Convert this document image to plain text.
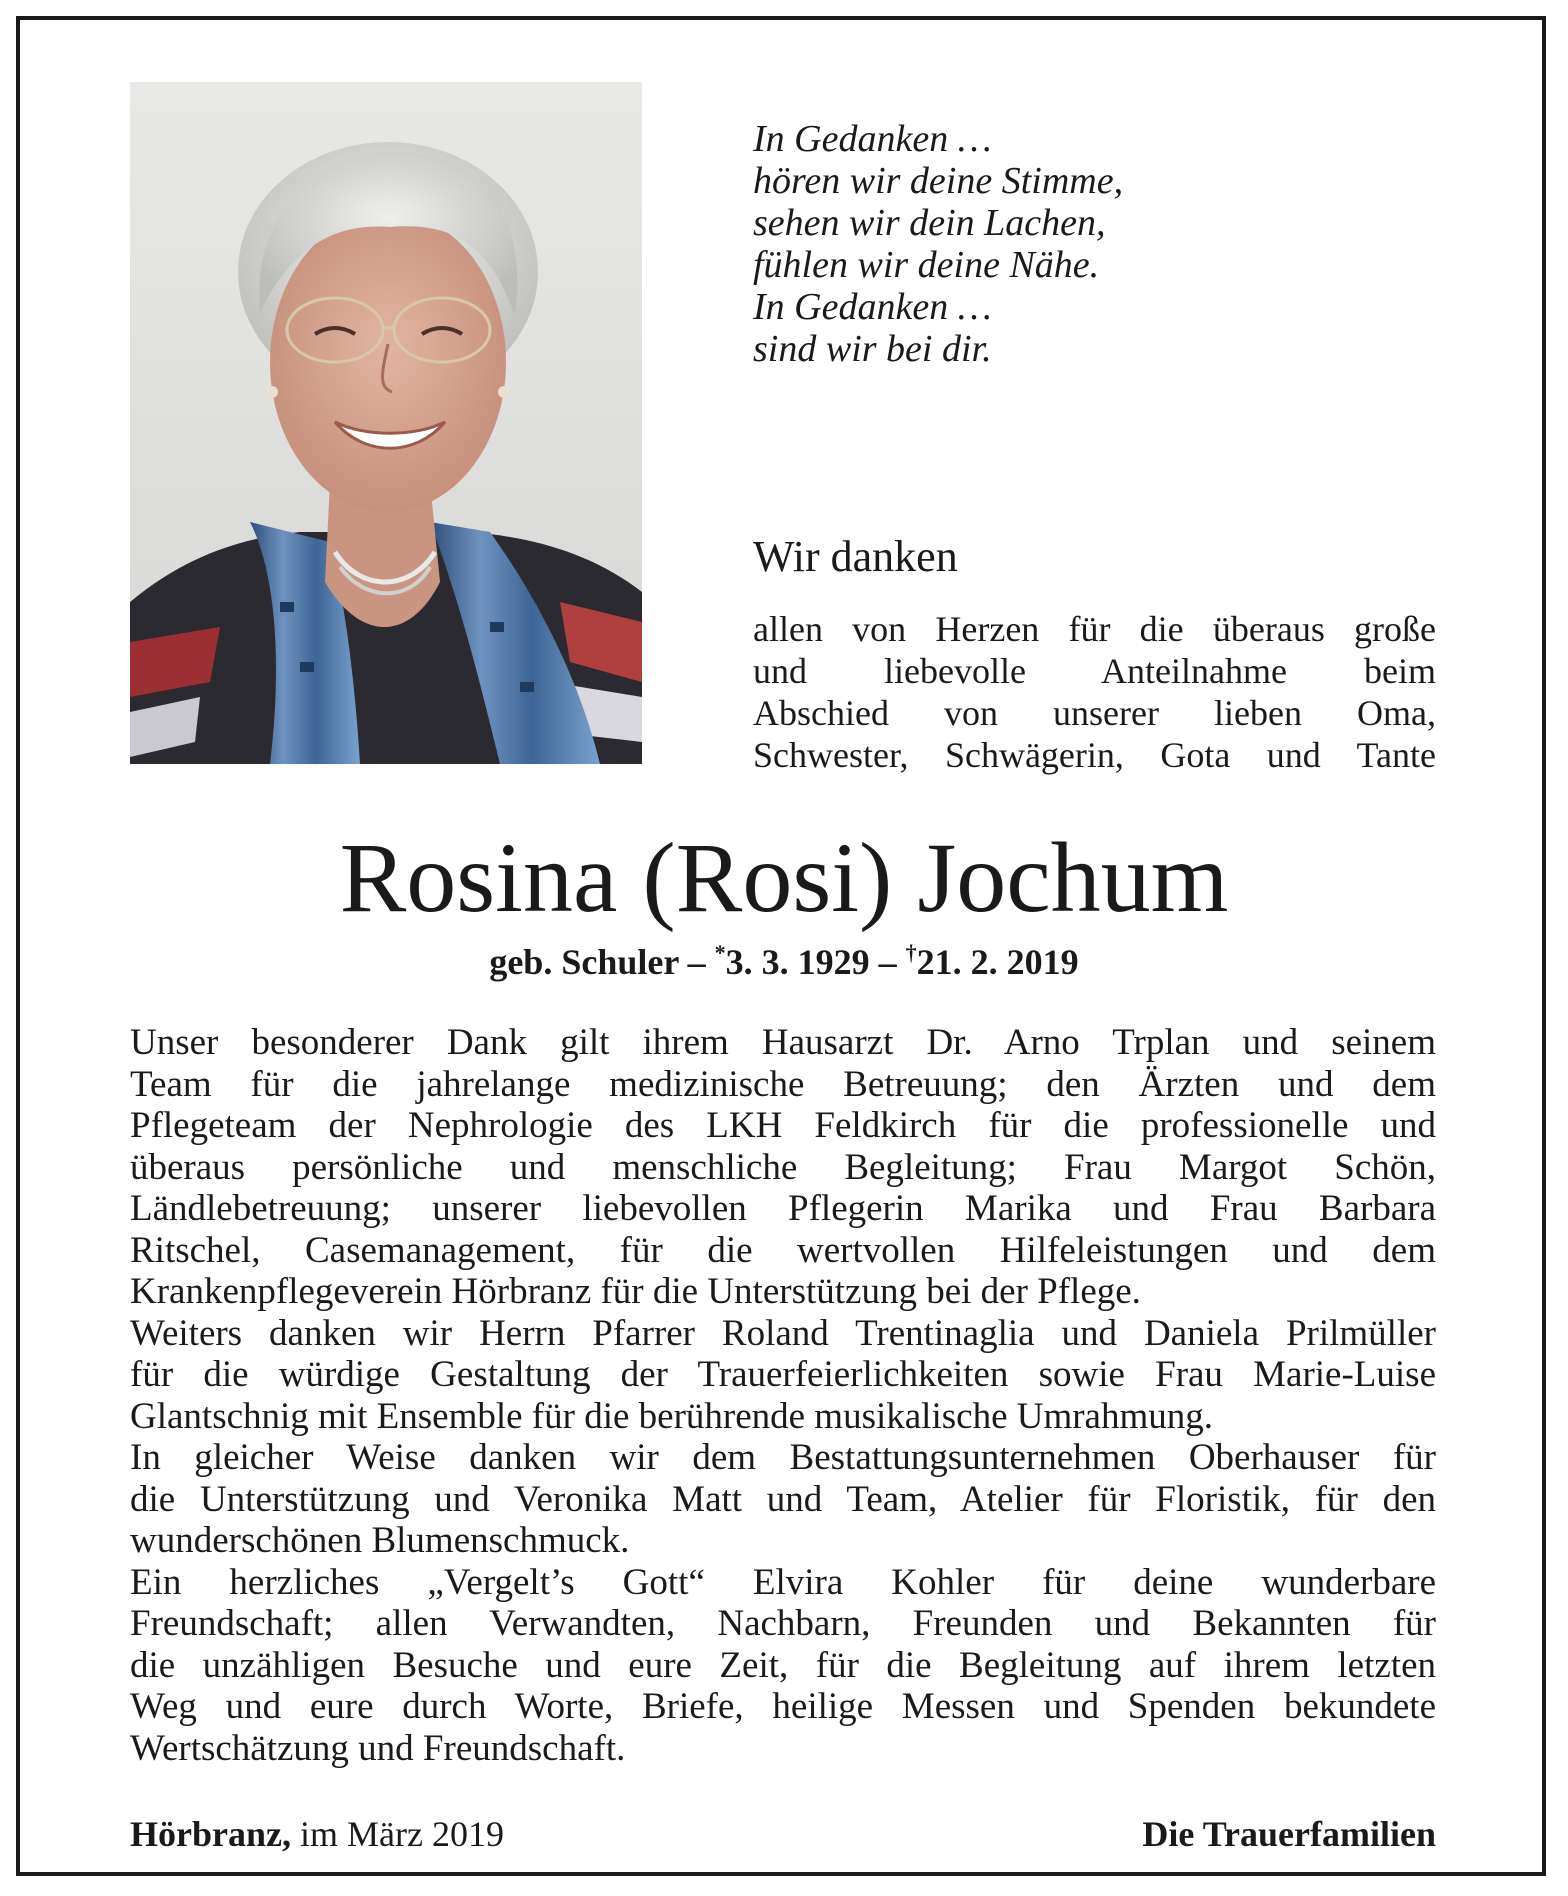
In Gedanken …
hören wir deine Stimme,
sehen wir dein Lachen,
fühlen wir deine Nähe.
In Gedanken …
sind wir bei dir.
Wir danken
allen von Herzen für die überaus große
und liebevolle Anteilnahme beim
Abschied von unserer lieben Oma,
Schwester, Schwägerin, Gota und Tante
Rosina (Rosi) Jochum
geb. Schuler – *3. 3. 1929 – †21. 2. 2019
Unser besonderer Dank gilt ihrem Hausarzt Dr. Arno Trplan und seinem
Team für die jahrelange medizinische Betreuung; den Ärzten und dem
Pflegeteam der Nephrologie des LKH Feldkirch für die professionelle und
überaus persönliche und menschliche Begleitung; Frau Margot Schön,
Ländlebetreuung; unserer liebevollen Pflegerin Marika und Frau Barbara
Ritschel, Casemanagement, für die wertvollen Hilfeleistungen und dem
Krankenpflegeverein Hörbranz für die Unterstützung bei der Pflege.
Weiters danken wir Herrn Pfarrer Roland Trentinaglia und Daniela Prilmüller
für die würdige Gestaltung der Trauerfeierlichkeiten sowie Frau Marie-Luise
Glantschnig mit Ensemble für die berührende musikalische Umrahmung.
In gleicher Weise danken wir dem Bestattungsunternehmen Oberhauser für
die Unterstützung und Veronika Matt und Team, Atelier für Floristik, für den
wunderschönen Blumenschmuck.
Ein herzliches „Vergelt’s Gott“ Elvira Kohler für deine wunderbare
Freundschaft; allen Verwandten, Nachbarn, Freunden und Bekannten für
die unzähligen Besuche und eure Zeit, für die Begleitung auf ihrem letzten
Weg und eure durch Worte, Briefe, heilige Messen und Spenden bekundete
Wertschätzung und Freundschaft.
Hörbranz, im März 2019	Die Trauerfamilien
